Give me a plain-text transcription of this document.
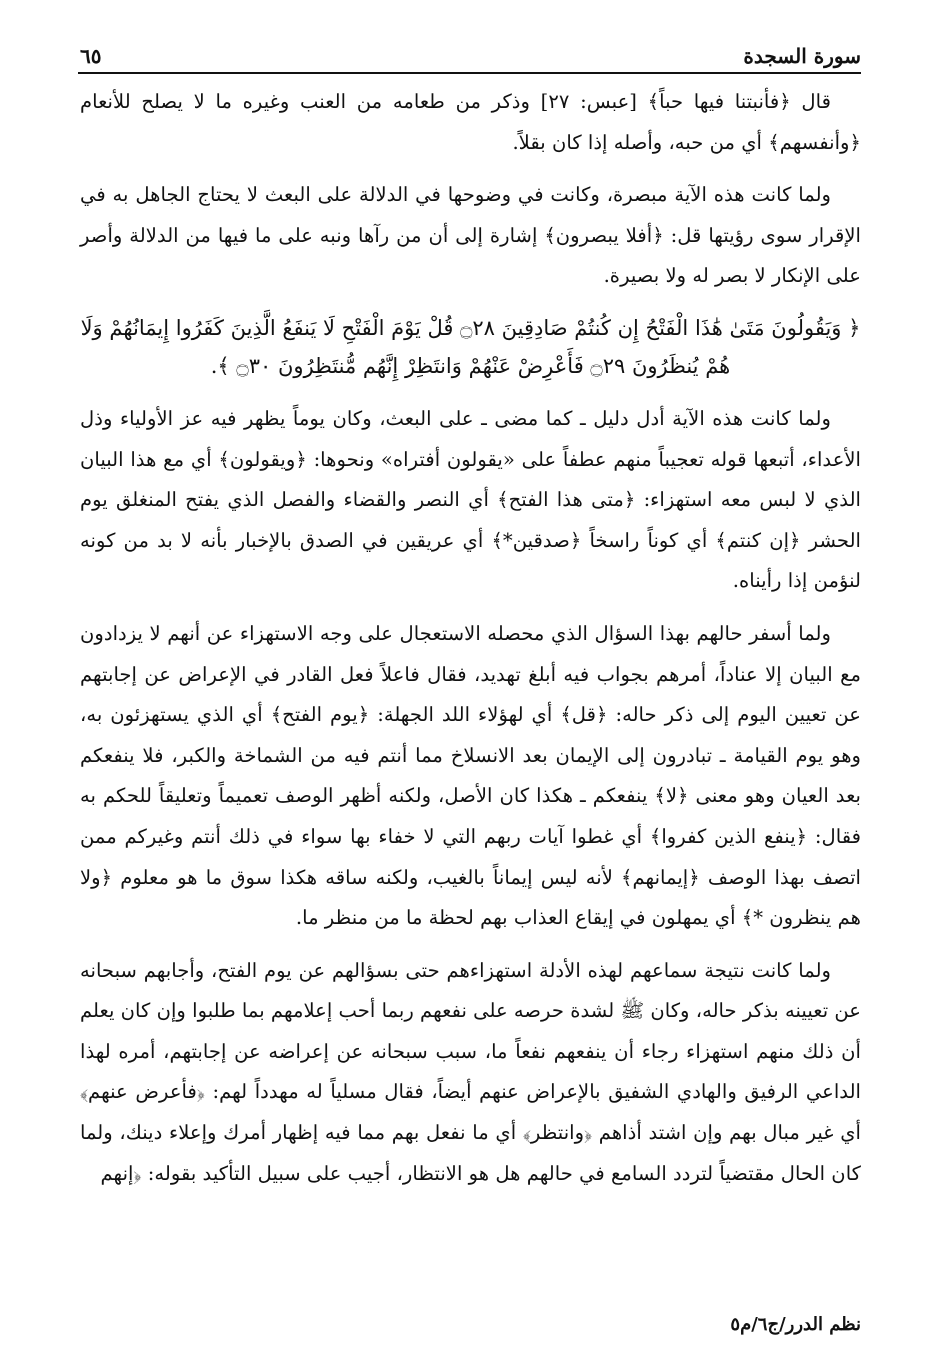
سورة السجدة
٦٥

قال ﴿فأنبتنا فيها حباً﴾ [عبس: ٢٧] وذكر من طعامه من العنب وغيره ما لا يصلح للأنعام ﴿وأنفسهم﴾ أي من حبه، وأصله إذا كان بقلاً.

ولما كانت هذه الآية مبصرة، وكانت في وضوحها في الدلالة على البعث لا يحتاج الجاهل به في الإقرار سوى رؤيتها قل: ﴿أفلا يبصرون﴾ إشارة إلى أن من رآها ونبه على ما فيها من الدلالة وأصر على الإنكار لا بصر له ولا بصيرة.

﴿ وَيَقُولُونَ مَتَىٰ هَٰذَا الْفَتْحُ إِن كُنتُمْ صَادِقِينَ ۝٢٨ قُلْ يَوْمَ الْفَتْحِ لَا يَنفَعُ الَّذِينَ كَفَرُوا إِيمَانُهُمْ وَلَا هُمْ يُنظَرُونَ ۝٢٩ فَأَعْرِضْ عَنْهُمْ وَانتَظِرْ إِنَّهُم مُّنتَظِرُونَ ۝٣٠ ﴾.

ولما كانت هذه الآية أدل دليل ـ كما مضى ـ على البعث، وكان يوماً يظهر فيه عز الأولياء وذل الأعداء، أتبعها قوله تعجيباً منهم عطفاً على «يقولون أفتراه» ونحوها: ﴿ويقولون﴾ أي مع هذا البيان الذي لا لبس معه استهزاء: ﴿متى هذا الفتح﴾ أي النصر والقضاء والفصل الذي يفتح المنغلق يوم الحشر ﴿إن كنتم﴾ أي كوناً راسخاً ﴿صدقين*﴾ أي عريقين في الصدق بالإخبار بأنه لا بد من كونه لنؤمن إذا رأيناه.

ولما أسفر حالهم بهذا السؤال الذي محصله الاستعجال على وجه الاستهزاء عن أنهم لا يزدادون مع البيان إلا عناداً، أمرهم بجواب فيه أبلغ تهديد، فقال فاعلاً فعل القادر في الإعراض عن إجابتهم عن تعيين اليوم إلى ذكر حاله: ﴿قل﴾ أي لهؤلاء اللد الجهلة: ﴿يوم الفتح﴾ أي الذي يستهزئون به، وهو يوم القيامة ـ تبادرون إلى الإيمان بعد الانسلاخ مما أنتم فيه من الشماخة والكبر، فلا ينفعكم بعد العيان وهو معنى ﴿لا﴾ ينفعكم ـ هكذا كان الأصل، ولكنه أظهر الوصف تعميماً وتعليقاً للحكم به فقال: ﴿ينفع الذين كفروا﴾ أي غطوا آيات ربهم التي لا خفاء بها سواء في ذلك أنتم وغيركم ممن اتصف بهذا الوصف ﴿إيمانهم﴾ لأنه ليس إيماناً بالغيب، ولكنه ساقه هكذا سوق ما هو معلوم ﴿ولا هم ينظرون *﴾ أي يمهلون في إيقاع العذاب بهم لحظة ما من منظر ما.

ولما كانت نتيجة سماعهم لهذه الأدلة استهزاءهم حتى بسؤالهم عن يوم الفتح، وأجابهم سبحانه عن تعيينه بذكر حاله، وكان ﷺ لشدة حرصه على نفعهم ربما أحب إعلامهم بما طلبوا وإن كان يعلم أن ذلك منهم استهزاء رجاء أن ينفعهم نفعاً ما، سبب سبحانه عن إعراضه عن إجابتهم، أمره لهذا الداعي الرفيق والهادي الشفيق بالإعراض عنهم أيضاً، فقال مسلياً له مهدداً لهم: ﴿فأعرض عنهم﴾ أي غير مبال بهم وإن اشتد أذاهم ﴿وانتظر﴾ أي ما نفعل بهم مما فيه إظهار أمرك وإعلاء دينك، ولما كان الحال مقتضياً لتردد السامع في حالهم هل هو الانتظار، أجيب على سبيل التأكيد بقوله: ﴿إنهم

نظم الدرر/ج٦/م٥
